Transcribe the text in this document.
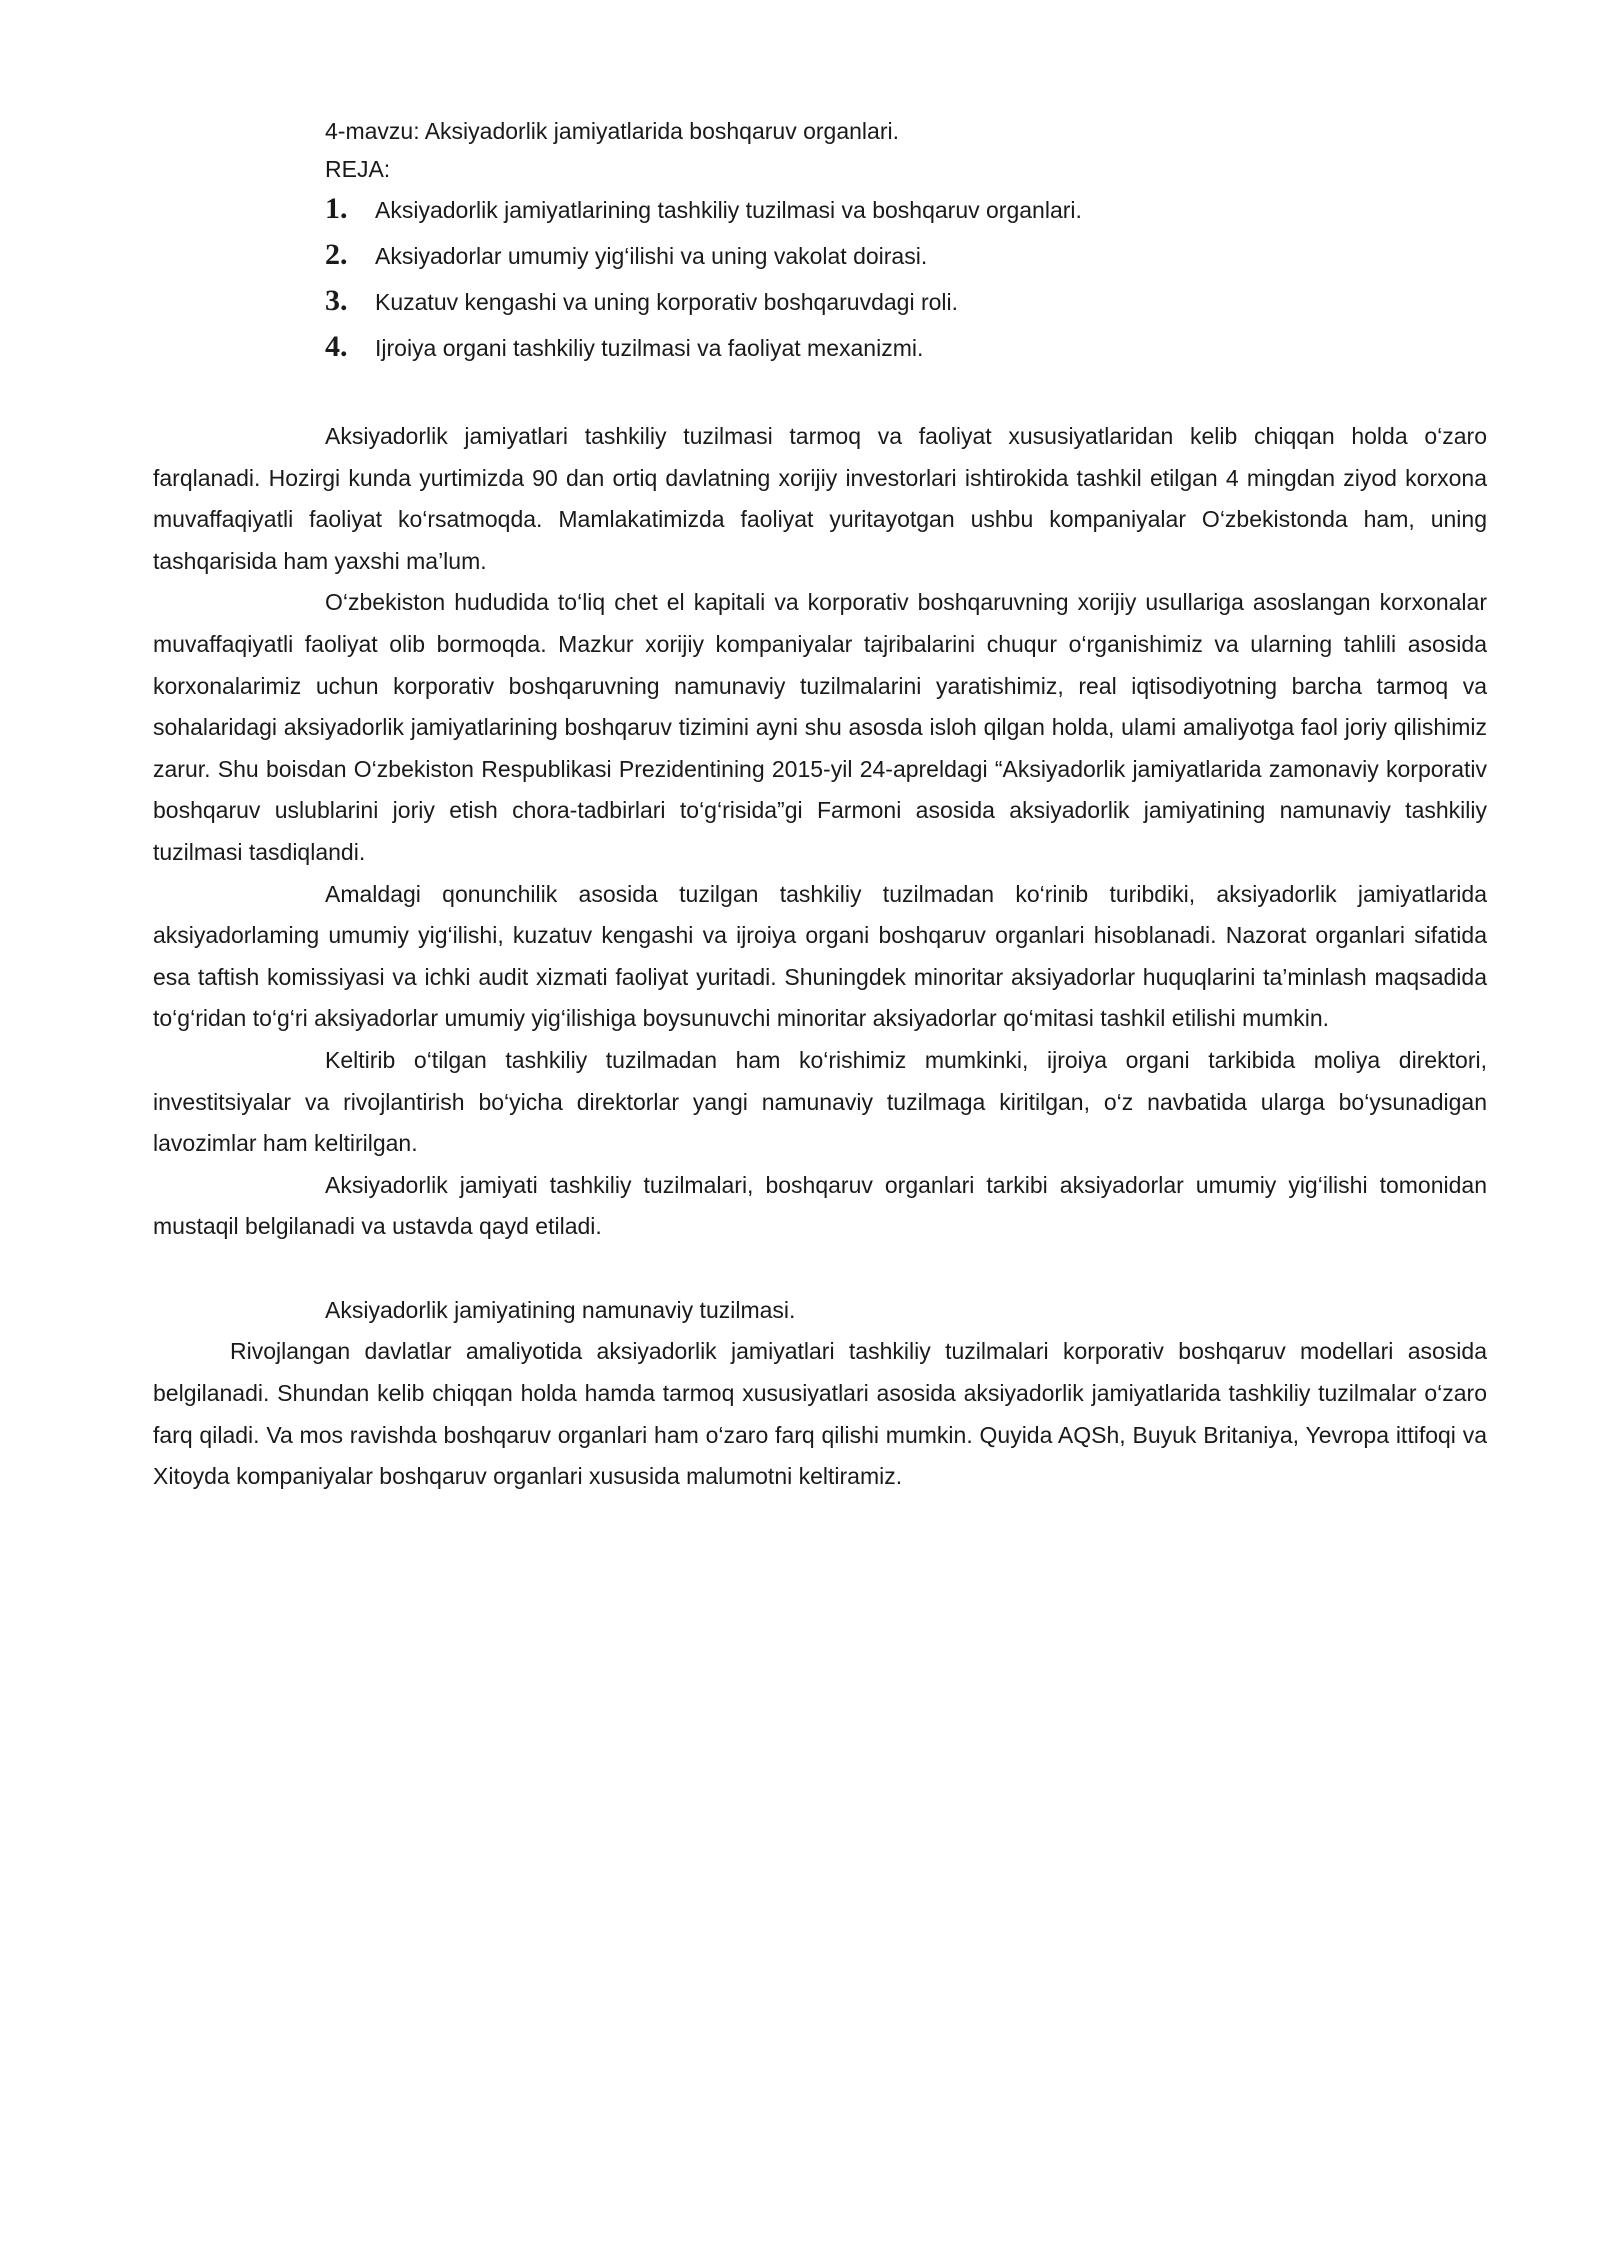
4-mavzu: Aksiyadorlik jamiyatlarida boshqaruv organlari.
REJA:
1.	Aksiyadorlik jamiyatlarining tashkiliy tuzilmasi va boshqaruv organlari.
2.	Aksiyadorlar umumiy yig‘ilishi va uning vakolat doirasi.
3.	Kuzatuv kengashi va uning korporativ boshqaruvdagi roli.
4.	Ijroiya organi tashkiliy tuzilmasi va faoliyat mexanizmi.

Aksiyadorlik jamiyatlari tashkiliy tuzilmasi tarmoq va faoliyat xususiyatlaridan kelib chiqqan holda o‘zaro farqlanadi. Hozirgi kunda yurtimizda 90 dan ortiq davlatning xorijiy investorlari ishtirokida tashkil etilgan 4 mingdan ziyod korxona muvaffaqiyatli faoliyat ko‘rsatmoqda. Mamlakatimizda faoliyat yuritayotgan ushbu kompaniyalar O‘zbekistonda ham, uning tashqarisida ham yaxshi ma’lum.

O‘zbekiston hududida to‘liq chet el kapitali va korporativ boshqaruvning xorijiy usullariga asoslangan korxonalar muvaffaqiyatli faoliyat olib bormoqda. Mazkur xorijiy kompaniyalar tajribalarini chuqur o‘rganishimiz va ularning tahlili asosida korxonalarimiz uchun korporativ boshqaruvning namunaviy tuzilmalarini yaratishimiz, real iqtisodiyotning barcha tarmoq va sohalaridagi aksiyadorlik jamiyatlarining boshqaruv tizimini ayni shu asosda isloh qilgan holda, ulami amaliyotga faol joriy qilishimiz zarur. Shu boisdan O‘zbekiston Respublikasi Prezidentining 2015-yil 24-apreldagi “Aksiyadorlik jamiyatlarida zamonaviy korporativ boshqaruv uslublarini joriy etish chora-tadbirlari to‘g‘risida”gi Farmoni asosida aksiyadorlik jamiyatining namunaviy tashkiliy tuzilmasi tasdiqlandi.

Amaldagi qonunchilik asosida tuzilgan tashkiliy tuzilmadan ko‘rinib turibdiki, aksiyadorlik jamiyatlarida aksiyadorlaming umumiy yig‘ilishi, kuzatuv kengashi va ijroiya organi boshqaruv organlari hisoblanadi. Nazorat organlari sifatida esa taftish komissiyasi va ichki audit xizmati faoliyat yuritadi. Shuningdek minoritar aksiyadorlar huquqlarini ta’minlash maqsadida to‘g‘ridan to‘g‘ri aksiyadorlar umumiy yig‘ilishiga boysunuvchi minoritar aksiyadorlar qo‘mitasi tashkil etilishi mumkin.

Keltirib o‘tilgan tashkiliy tuzilmadan ham ko‘rishimiz mumkinki, ijroiya organi tarkibida moliya direktori, investitsiyalar va rivojlantirish bo‘yicha direktorlar yangi namunaviy tuzilmaga kiritilgan, o‘z navbatida ularga bo‘ysunadigan lavozimlar ham keltirilgan.

Aksiyadorlik jamiyati tashkiliy tuzilmalari, boshqaruv organlari tarkibi aksiyadorlar umumiy yig‘ilishi tomonidan mustaqil belgilanadi va ustavda qayd etiladi.

Aksiyadorlik jamiyatining namunaviy tuzilmasi.

Rivojlangan davlatlar amaliyotida aksiyadorlik jamiyatlari tashkiliy tuzilmalari korporativ boshqaruv modellari asosida belgilanadi. Shundan kelib chiqqan holda hamda tarmoq xususiyatlari asosida aksiyadorlik jamiyatlarida tashkiliy tuzilmalar o‘zaro farq qiladi. Va mos ravishda boshqaruv organlari ham o‘zaro farq qilishi mumkin. Quyida AQSh, Buyuk Britaniya, Yevropa ittifoqi va Xitoyda kompaniyalar boshqaruv organlari xususida malumotni keltiramiz.
